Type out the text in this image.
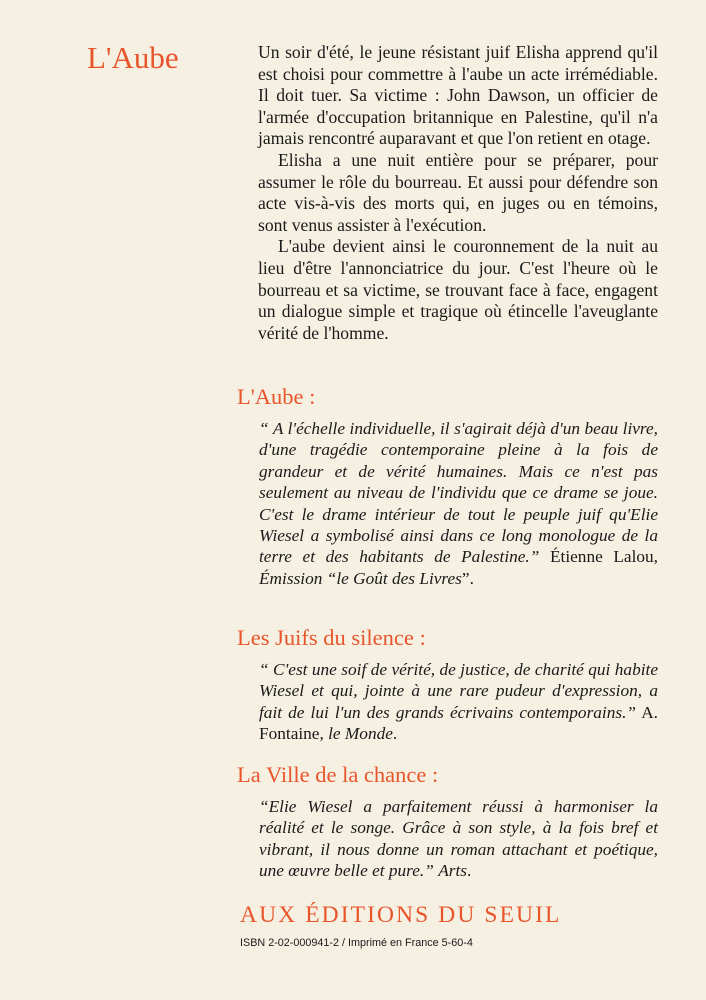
L'Aube	Un soir d'été, le jeune résistant juif Elisha apprend qu'il est choisi pour commettre à l'aube un acte irrémédiable. Il doit tuer. Sa victime : John Dawson, un officier de l'armée d'occupation britannique en Palestine, qu'il n'a jamais rencontré auparavant et que l'on retient en otage.

Elisha a une nuit entière pour se préparer, pour assumer le rôle du bourreau. Et aussi pour défendre son acte vis-à-vis des morts qui, en juges ou en témoins, sont venus assister à l'exécution.

L'aube devient ainsi le couronnement de la nuit au lieu d'être l'annonciatrice du jour. C'est l'heure où le bourreau et sa victime, se trouvant face à face, engagent un dialogue simple et tragique où étincelle l'aveuglante vérité de l'homme.

L'Aube :

“ A l'échelle individuelle, il s'agirait déjà d'un beau livre, d'une tragédie contemporaine pleine à la fois de grandeur et de vérité humaines. Mais ce n'est pas seulement au niveau de l'individu que ce drame se joue. C'est le drame intérieur de tout le peuple juif qu'Elie Wiesel a symbolisé ainsi dans ce long monologue de la terre et des habitants de Palestine.” Étienne Lalou, Émission “le Goût des Livres”.

Les Juifs du silence :

“ C'est une soif de vérité, de justice, de charité qui habite Wiesel et qui, jointe à une rare pudeur d'expression, a fait de lui l'un des grands écrivains contemporains.” A. Fontaine, le Monde.

La Ville de la chance :

“Elie Wiesel a parfaitement réussi à harmoniser la réalité et le songe. Grâce à son style, à la fois bref et vibrant, il nous donne un roman attachant et poétique, une œuvre belle et pure.” Arts.

AUX ÉDITIONS DU SEUIL

ISBN 2-02-000941-2 / Imprimé en France 5-60-4
